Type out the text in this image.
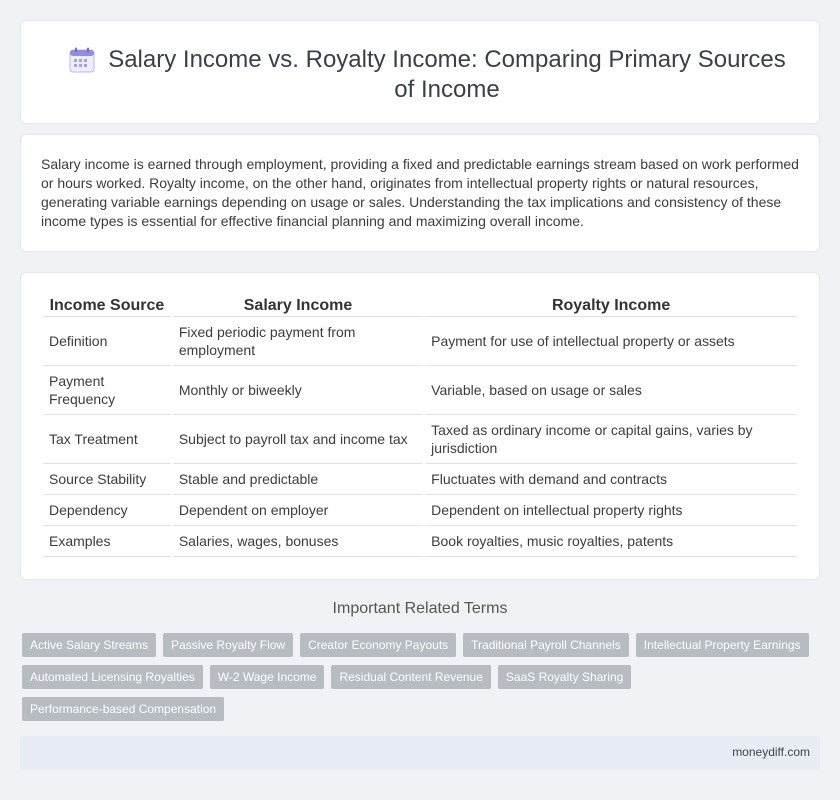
Salary Income vs. Royalty Income: Comparing Primary Sources of Income

Salary income is earned through employment, providing a fixed and predictable earnings stream based on work performed or hours worked. Royalty income, on the other hand, originates from intellectual property rights or natural resources, generating variable earnings depending on usage or sales. Understanding the tax implications and consistency of these income types is essential for effective financial planning and maximizing overall income.

Income Source	Salary Income	Royalty Income
Definition	Fixed periodic payment from employment	Payment for use of intellectual property or assets
Payment Frequency	Monthly or biweekly	Variable, based on usage or sales
Tax Treatment	Subject to payroll tax and income tax	Taxed as ordinary income or capital gains, varies by jurisdiction
Source Stability	Stable and predictable	Fluctuates with demand and contracts
Dependency	Dependent on employer	Dependent on intellectual property rights
Examples	Salaries, wages, bonuses	Book royalties, music royalties, patents
Important Related Terms
Active Salary Streams	Passive Royalty Flow	Creator Economy Payouts	Traditional Payroll Channels	Intellectual Property Earnings
Automated Licensing Royalties	W-2 Wage Income	Residual Content Revenue	SaaS Royalty Sharing
Performance-based Compensation
moneydiff.com
